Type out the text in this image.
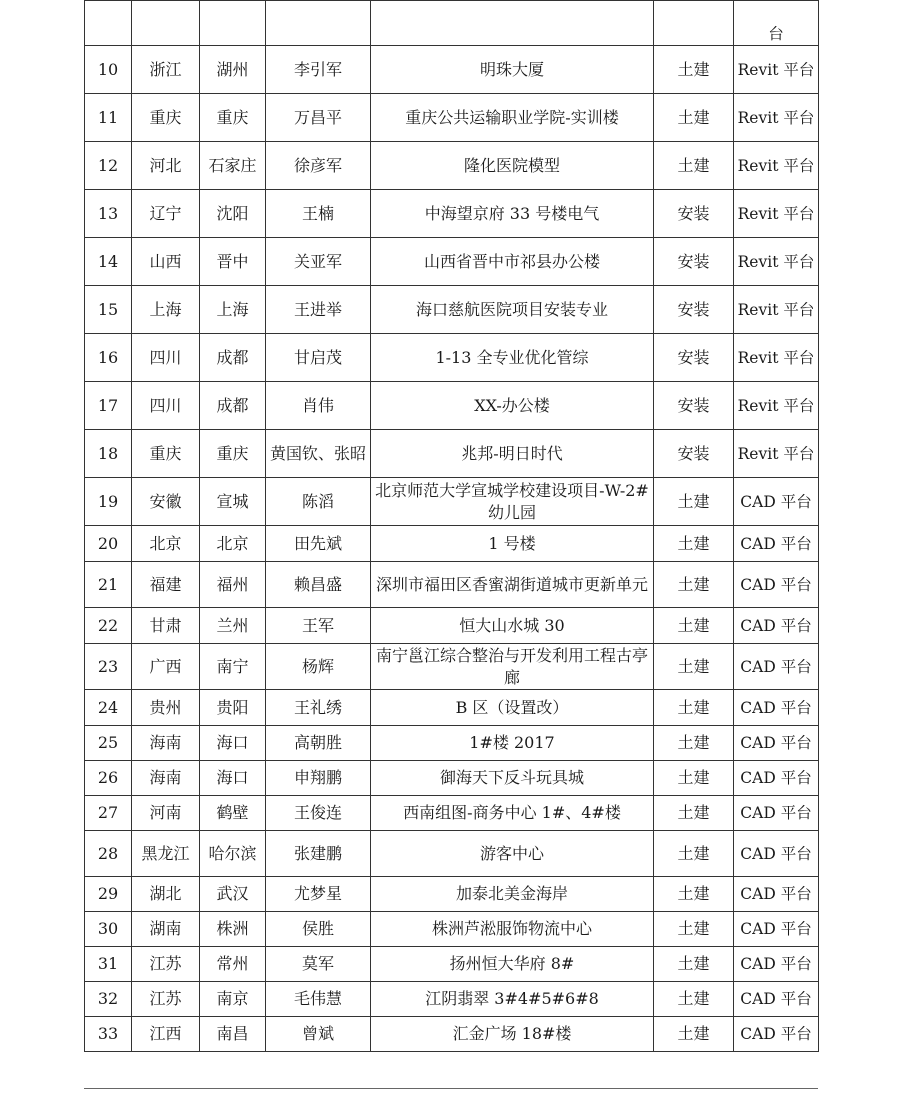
						台
10	浙江	湖州	李引军	明珠大厦	土建	Revit 平台
11	重庆	重庆	万昌平	重庆公共运输职业学院-实训楼	土建	Revit 平台
12	河北	石家庄	徐彦军	隆化医院模型	土建	Revit 平台
13	辽宁	沈阳	王楠	中海望京府 33 号楼电气	安装	Revit 平台
14	山西	晋中	关亚军	山西省晋中市祁县办公楼	安装	Revit 平台
15	上海	上海	王进举	海口慈航医院项目安装专业	安装	Revit 平台
16	四川	成都	甘启茂	1-13 全专业优化管综	安装	Revit 平台
17	四川	成都	肖伟	XX-办公楼	安装	Revit 平台
18	重庆	重庆	黄国钦、张昭	兆邦-明日时代	安装	Revit 平台
19	安徽	宣城	陈滔	北京师范大学宣城学校建设项目-W-2#幼儿园	土建	CAD 平台
20	北京	北京	田先斌	1 号楼	土建	CAD 平台
21	福建	福州	赖昌盛	深圳市福田区香蜜湖街道城市更新单元	土建	CAD 平台
22	甘肃	兰州	王军	恒大山水城 30	土建	CAD 平台
23	广西	南宁	杨辉	南宁邕江综合整治与开发利用工程古亭廊	土建	CAD 平台
24	贵州	贵阳	王礼绣	B 区（设置改）	土建	CAD 平台
25	海南	海口	高朝胜	1#楼 2017	土建	CAD 平台
26	海南	海口	申翔鹏	御海天下反斗玩具城	土建	CAD 平台
27	河南	鹤壁	王俊连	西南组图-商务中心 1#、4#楼	土建	CAD 平台
28	黑龙江	哈尔滨	张建鹏	游客中心	土建	CAD 平台
29	湖北	武汉	尤梦星	加泰北美金海岸	土建	CAD 平台
30	湖南	株洲	侯胜	株洲芦淞服饰物流中心	土建	CAD 平台
31	江苏	常州	莫军	扬州恒大华府 8#	土建	CAD 平台
32	江苏	南京	毛伟慧	江阴翡翠 3#4#5#6#8	土建	CAD 平台
33	江西	南昌	曾斌	汇金广场 18#楼	土建	CAD 平台
